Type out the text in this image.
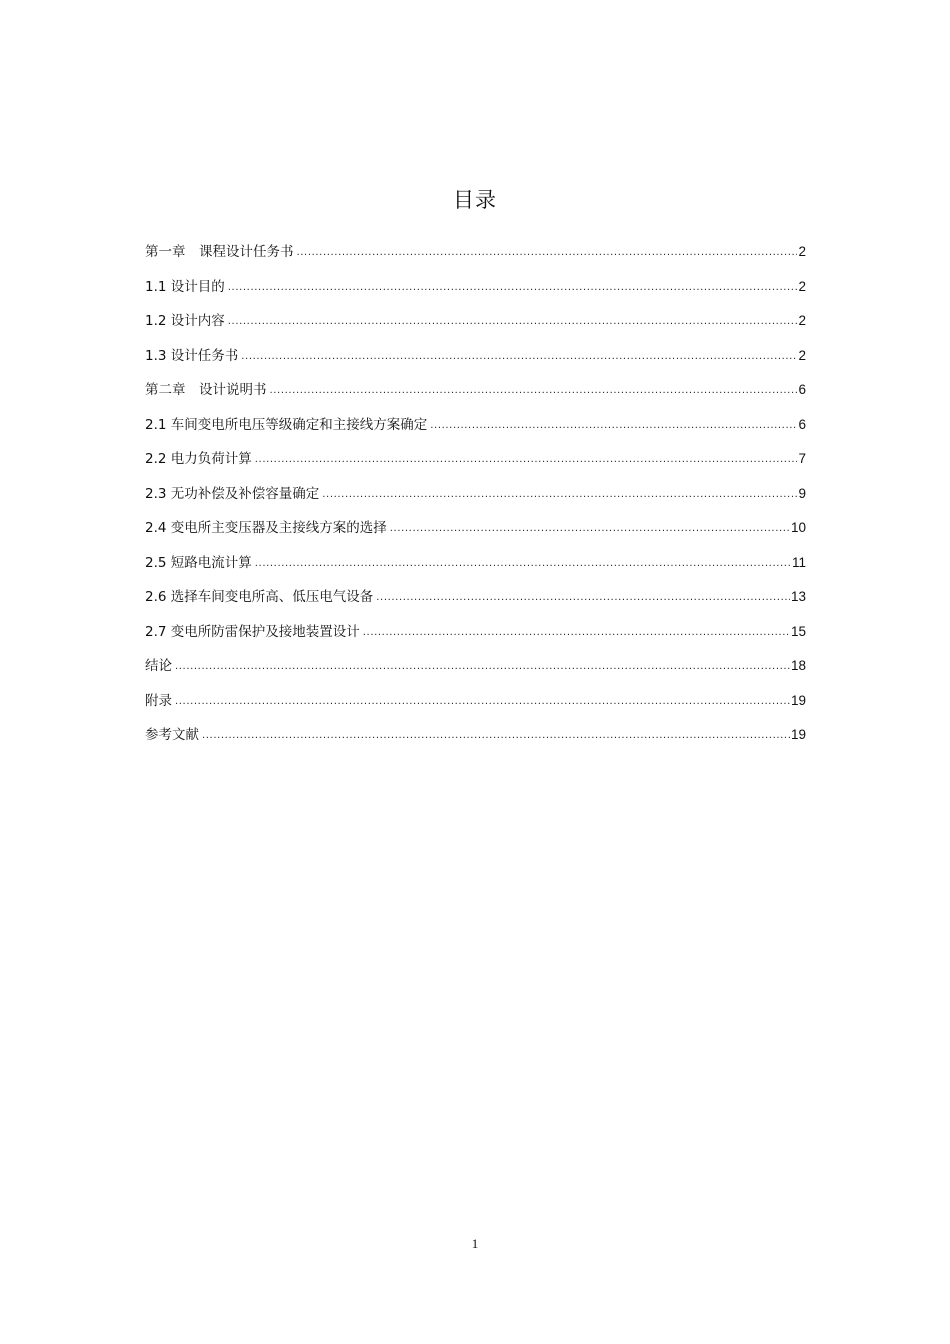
目录
第一章　课程设计任务书 .....	2
1.1 设计目的 .....	2
1.2 设计内容 .....	2
1.3 设计任务书 .....	2
第二章　设计说明书 .....	6
2.1 车间变电所电压等级确定和主接线方案确定 .....	6
2.2 电力负荷计算 .....	7
2.3 无功补偿及补偿容量确定 .....	9
2.4 变电所主变压器及主接线方案的选择 .....	10
2.5 短路电流计算 .....	11
2.6 选择车间变电所高、低压电气设备 .....	13
2.7 变电所防雷保护及接地装置设计 .....	15
结论 .....	18
附录 .....	19
参考文献 .....	19
1
